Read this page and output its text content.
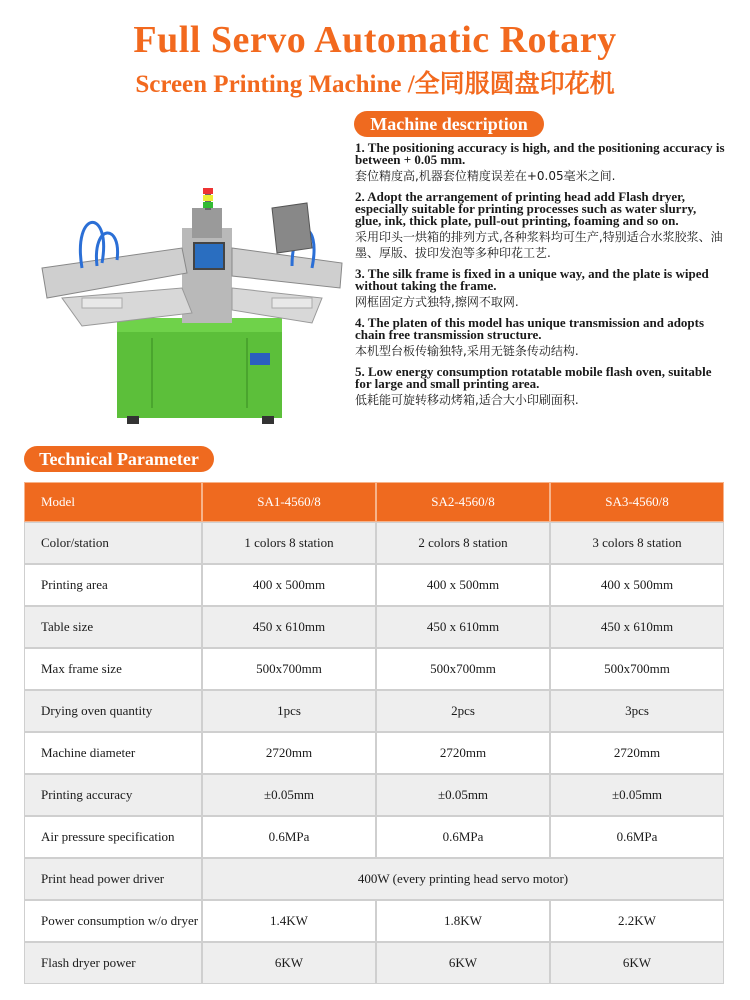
Full Servo Automatic Rotary
Screen Printing Machine /全同服圆盘印花机
Machine description
1. The positioning accuracy is high, and the positioning accuracy is between + 0.05 mm.
套位精度高,机器套位精度误差在+0.05毫米之间.
2. Adopt the arrangement of printing head add Flash dryer, especially suitable for printing processes such as water slurry, glue, ink, thick plate, pull-out printing, foaming and so on.
采用印头一烘箱的排列方式,各种浆料均可生产,特别适合水浆胶浆、油墨、厚版、拔印发泡等多种印花工艺.
3. The silk frame is fixed in a unique way, and the plate is wiped without taking the frame.
网框固定方式独特,擦网不取网.
4. The platen of this model has unique transmission and adopts chain free transmission structure.
本机型台板传输独特,采用无链条传动结构.
5. Low energy consumption rotatable mobile flash oven, suitable for large and small printing area.
低耗能可旋转移动烤箱,适合大小印刷面积.
Technical Parameter
Model	SA1-4560/8	SA2-4560/8	SA3-4560/8
Color/station	1 colors 8 station	2 colors 8 station	3 colors 8 station
Printing area	400 x 500mm	400 x 500mm	400 x 500mm
Table size	450 x 610mm	450 x 610mm	450 x 610mm
Max frame size	500x700mm	500x700mm	500x700mm
Drying oven quantity	1pcs	2pcs	3pcs
Machine diameter	2720mm	2720mm	2720mm
Printing accuracy	±0.05mm	±0.05mm	±0.05mm
Air pressure specification	0.6MPa	0.6MPa	0.6MPa
Print head power driver	400W (every printing head servo motor)		
Power consumption w/o dryer	1.4KW	1.8KW	2.2KW
Flash dryer power	6KW	6KW	6KW
